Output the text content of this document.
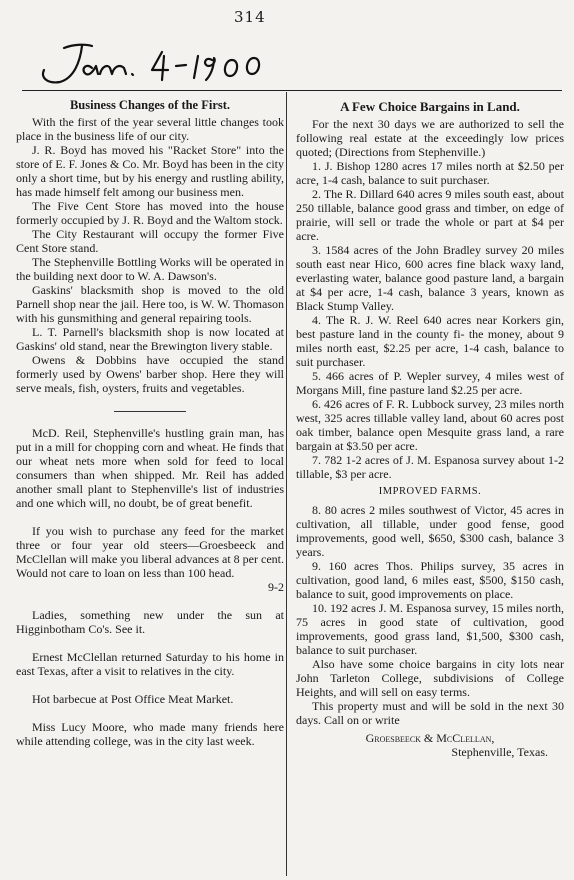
314
Business Changes of the First.

With the first of the year several little changes took place in the business life of our city.

J. R. Boyd has moved his "Racket Store" into the store of E. F. Jones & Co. Mr. Boyd has been in the city only a short time, but by his energy and rustling ability, has made himself felt among our business men.

The Five Cent Store has moved into the house formerly occupied by J. R. Boyd and the Waltom stock.

The City Restaurant will occupy the former Five Cent Store stand.

The Stephenville Bottling Works will be operated in the building next door to W. A. Dawson's.

Gaskins' blacksmith shop is moved to the old Parnell shop near the jail. Here too, is W. W. Thomason with his gunsmithing and general repairing tools.

L. T. Parnell's blacksmith shop is now located at Gaskins' old stand, near the Brewington livery stable.

Owens & Dobbins have occupied the stand formerly used by Owens' barber shop. Here they will serve meals, fish, oysters, fruits and vegetables.

McD. Reil, Stephenville's hustling grain man, has put in a mill for chopping corn and wheat. He finds that our wheat nets more when sold for feed to local consumers than when shipped. Mr. Reil has added another small plant to Stephenville's list of industries and one which will, no doubt, be of great benefit.

If you wish to purchase any feed for the market three or four year old steers—Groesbeeck and McClellan will make you liberal advances at 8 per cent. Would not care to loan on less than 100 head.

9-2

Ladies, something new under the sun at Higginbotham Co's. See it.

Ernest McClellan returned Saturday to his home in east Texas, after a visit to relatives in the city.

Hot barbecue at Post Office Meat Market.

Miss Lucy Moore, who made many friends here while attending college, was in the city last week.

A Few Choice Bargains in Land.

For the next 30 days we are authorized to sell the following real estate at the exceedingly low prices quoted; (Directions from Stephenville.)

1. J. Bishop 1280 acres 17 miles north at $2.50 per acre, 1-4 cash, balance to suit purchaser.

2. The R. Dillard 640 acres 9 miles south east, about 250 tillable, balance good grass and timber, on edge of prairie, will sell or trade the whole or part at $4 per acre.

3. 1584 acres of the John Bradley survey 20 miles south east near Hico, 600 acres fine black waxy land, everlasting water, balance good pasture land, a bargain at $4 per acre, 1-4 cash, balance 3 years, known as Black Stump Valley.

4. The R. J. W. Reel 640 acres near Korkers gin, best pasture land in the county fi- the money, about 9 miles north east, $2.25 per acre, 1-4 cash, balance to suit purchaser.

5. 466 acres of P. Wepler survey, 4 miles west of Morgans Mill, fine pasture land $2.25 per acre.

6. 426 acres of F. R. Lubbock survey, 23 miles north west, 325 acres tillable valley land, about 60 acres post oak timber, balance open Mesquite grass land, a rare bargain at $3.50 per acre.

7. 782 1-2 acres of J. M. Espanosa survey about 1-2 tillable, $3 per acre.

IMPROVED FARMS.

8. 80 acres 2 miles southwest of Victor, 45 acres in cultivation, all tillable, under good fense, good improvements, good well, $650, $300 cash, balance 3 years.

9. 160 acres Thos. Philips survey, 35 acres in cultivation, good land, 6 miles east, $500, $150 cash, balance to suit, good improvements on place.

10. 192 acres J. M. Espanosa survey, 15 miles north, 75 acres in good state of cultivation, good improvements, good grass land, $1,500, $300 cash, balance to suit purchaser.

Also have some choice bargains in city lots near John Tarleton College, subdivisions of College Heights, and will sell on easy terms.

This property must and will be sold in the next 30 days. Call on or write

Groesbeeck & McClellan,
Stephenville, Texas.
